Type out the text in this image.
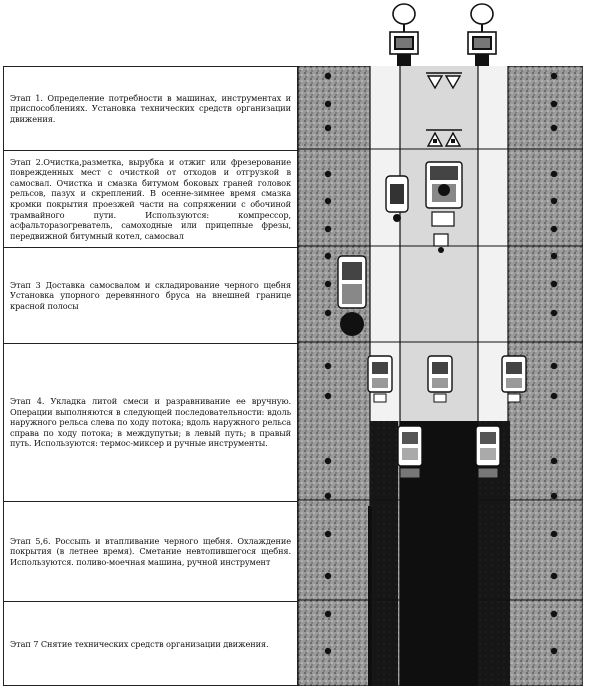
Этап 1. Определение потребности в машинах, инструментах и приспособлениях. Установка технических средств организации движения.

Этап 2.Очистка,разметка, вырубка и отжиг или фрезерование поврежденных мест с очисткой от отходов и отгрузкой в самосвал. Очистка и смазка битумом боковых граней головок рельсов, пазух и скреплений. В осенне-зимнее время смазка кромки покрытия проезжей части на сопряжении с обочиной трамвайного пути. Используются: компрессор, асфальторазогреватель, самоходные или прицепные фрезы, передвижной битумный котел, самосвал

Этап 3 Доставка самосвалом и складирование черного щебня Установка упорного деревянного бруса на внешней границе красной полосы

Этап 4. Укладка литой смеси и разравнивание ее вручную. Операции выполняются в следующей последовательности: вдоль наружного рельса слева по ходу потока; вдоль наружного рельса справа по ходу потока; в междупутьи; в левый путь; в правый путь. Используются: термос-миксер и ручные инструменты.

Этап 5,6. Россыпь и втапливание черного щебня. Охлаждение покрытия (в летнее время). Сметание невтопившегося щебня. Используются. поливо-моечная машина, ручной инструмент

Этап 7 Снятие технических средств организации движения.
